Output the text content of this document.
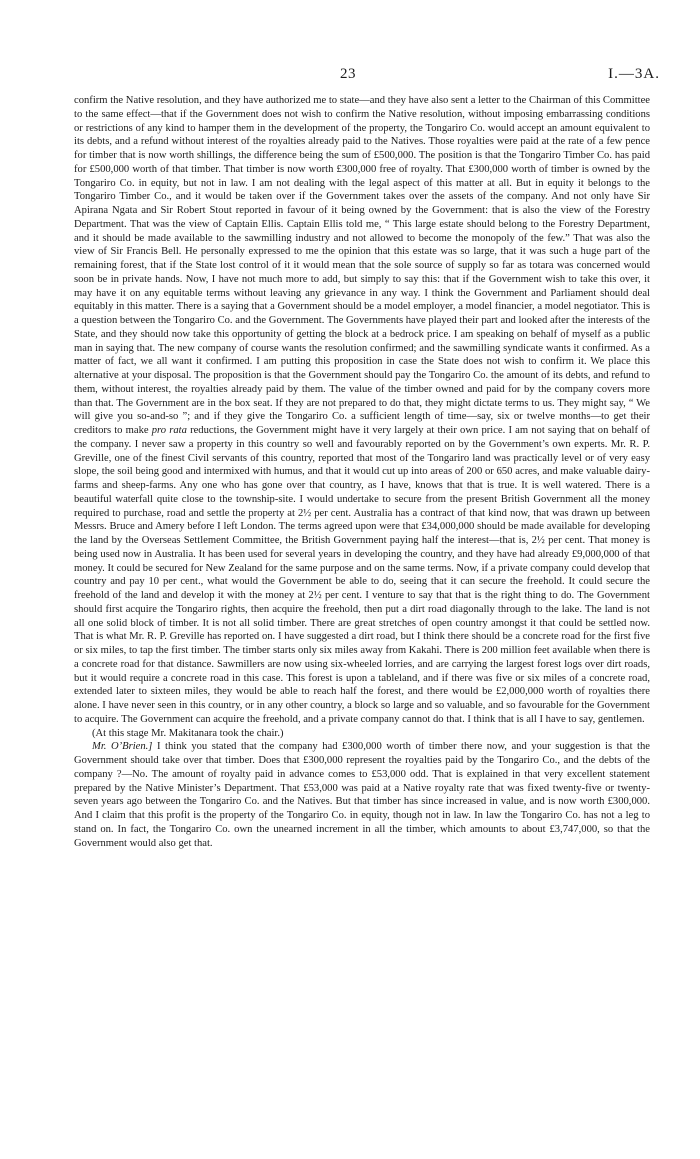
23	I.—3A.

confirm the Native resolution, and they have authorized me to state—and they have also sent a letter to the Chairman of this Committee to the same effect—that if the Government does not wish to confirm the Native resolution, without imposing embarrassing conditions or restrictions of any kind to hamper them in the development of the property, the Tongariro Co. would accept an amount equivalent to its debts, and a refund without interest of the royalties already paid to the Natives. Those royalties were paid at the rate of a few pence for timber that is now worth shillings, the difference being the sum of £500,000. The position is that the Tongariro Timber Co. has paid for £500,000 worth of that timber. That timber is now worth £300,000 free of royalty. That £300,000 worth of timber is owned by the Tongariro Co. in equity, but not in law. I am not dealing with the legal aspect of this matter at all. But in equity it belongs to the Tongariro Timber Co., and it would be taken over if the Government takes over the assets of the company. And not only have Sir Apirana Ngata and Sir Robert Stout reported in favour of it being owned by the Government: that is also the view of the Forestry Department. That was the view of Captain Ellis. Captain Ellis told me, “ This large estate should belong to the Forestry Department, and it should be made available to the sawmilling industry and not allowed to become the monopoly of the few.” That was also the view of Sir Francis Bell. He personally expressed to me the opinion that this estate was so large, that it was such a huge part of the remaining forest, that if the State lost control of it it would mean that the sole source of supply so far as totara was concerned would soon be in private hands. Now, I have not much more to add, but simply to say this: that if the Government wish to take this over, it may have it on any equitable terms without leaving any grievance in any way. I think the Government and Parliament should deal equitably in this matter. There is a saying that a Government should be a model employer, a model financier, a model negotiator. This is a question between the Tongariro Co. and the Government. The Governments have played their part and looked after the interests of the State, and they should now take this opportunity of getting the block at a bedrock price. I am speaking on behalf of myself as a public man in saying that. The new company of course wants the resolution confirmed; and the sawmilling syndicate wants it confirmed. As a matter of fact, we all want it confirmed. I am putting this proposition in case the State does not wish to confirm it. We place this alternative at your disposal. The proposition is that the Government should pay the Tongariro Co. the amount of its debts, and refund to them, without interest, the royalties already paid by them. The value of the timber owned and paid for by the company covers more than that. The Government are in the box seat. If they are not prepared to do that, they might dictate terms to us. They might say, “ We will give you so-and-so ”; and if they give the Tongariro Co. a sufficient length of time—say, six or twelve months—to get their creditors to make pro rata reductions, the Government might have it very largely at their own price. I am not saying that on behalf of the company. I never saw a property in this country so well and favourably reported on by the Government’s own experts. Mr. R. P. Greville, one of the finest Civil servants of this country, reported that most of the Tongariro land was practically level or of very easy slope, the soil being good and intermixed with humus, and that it would cut up into areas of 200 or 650 acres, and make valuable dairy-farms and sheep-farms. Any one who has gone over that country, as I have, knows that that is true. It is well watered. There is a beautiful waterfall quite close to the township-site. I would undertake to secure from the present British Government all the money required to purchase, road and settle the property at 2½ per cent. Australia has a contract of that kind now, that was drawn up between Messrs. Bruce and Amery before I left London. The terms agreed upon were that £34,000,000 should be made available for developing the land by the Overseas Settlement Committee, the British Government paying half the interest—that is, 2½ per cent. That money is being used now in Australia. It has been used for several years in developing the country, and they have had already £9,000,000 of that money. It could be secured for New Zealand for the same purpose and on the same terms. Now, if a private company could develop that country and pay 10 per cent., what would the Government be able to do, seeing that it can secure the freehold. It could secure the freehold of the land and develop it with the money at 2½ per cent. I venture to say that that is the right thing to do. The Government should first acquire the Tongariro rights, then acquire the freehold, then put a dirt road diagonally through to the lake. The land is not all one solid block of timber. It is not all solid timber. There are great stretches of open country amongst it that could be settled now. That is what Mr. R. P. Greville has reported on. I have suggested a dirt road, but I think there should be a concrete road for the first five or six miles, to tap the first timber. The timber starts only six miles away from Kakahi. There is 200 million feet available when there is a concrete road for that distance. Sawmillers are now using six-wheeled lorries, and are carrying the largest forest logs over dirt roads, but it would require a concrete road in this case. This forest is upon a tableland, and if there was five or six miles of a concrete road, extended later to sixteen miles, they would be able to reach half the forest, and there would be £2,000,000 worth of royalties there alone. I have never seen in this country, or in any other country, a block so large and so valuable, and so favourable for the Government to acquire. The Government can acquire the freehold, and a private company cannot do that. I think that is all I have to say, gentlemen.

(At this stage Mr. Makitanara took the chair.)

Mr. O’Brien.] I think you stated that the company had £300,000 worth of timber there now, and your suggestion is that the Government should take over that timber. Does that £300,000 represent the royalties paid by the Tongariro Co., and the debts of the company ?—No. The amount of royalty paid in advance comes to £53,000 odd. That is explained in that very excellent statement prepared by the Native Minister’s Department. That £53,000 was paid at a Native royalty rate that was fixed twenty-five or twenty-seven years ago between the Tongariro Co. and the Natives. But that timber has since increased in value, and is now worth £300,000. And I claim that this profit is the property of the Tongariro Co. in equity, though not in law. In law the Tongariro Co. has not a leg to stand on. In fact, the Tongariro Co. own the unearned increment in all the timber, which amounts to about £3,747,000, so that the Government would also get that.
